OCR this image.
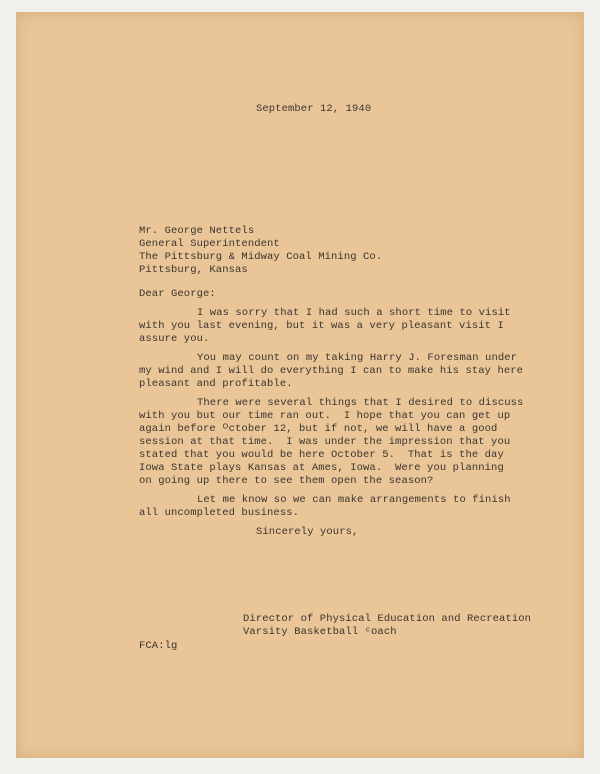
September 12, 1940
Mr. George Nettels
General Superintendent
The Pittsburg & Midway Coal Mining Co.
Pittsburg, Kansas
Dear George:
I was sorry that I had such a short time to visit
with you last evening, but it was a very pleasant visit I
assure you.
You may count on my taking Harry J. Foresman under
my wind and I will do everything I can to make his stay here
pleasant and profitable.
There were several things that I desired to discuss
with you but our time ran out.  I hope that you can get up
again before ᴼctober 12, but if not, we will have a good
session at that time.  I was under the impression that you
stated that you would be here October 5.  That is the day
Iowa State plays Kansas at Ames, Iowa.  Were you planning
on going up there to see them open the season?
Let me know so we can make arrangements to finish
all uncompleted business.
Sincerely yours,
Director of Physical Education and Recreation
Varsity Basketball ᶜoach
FCA:lg
